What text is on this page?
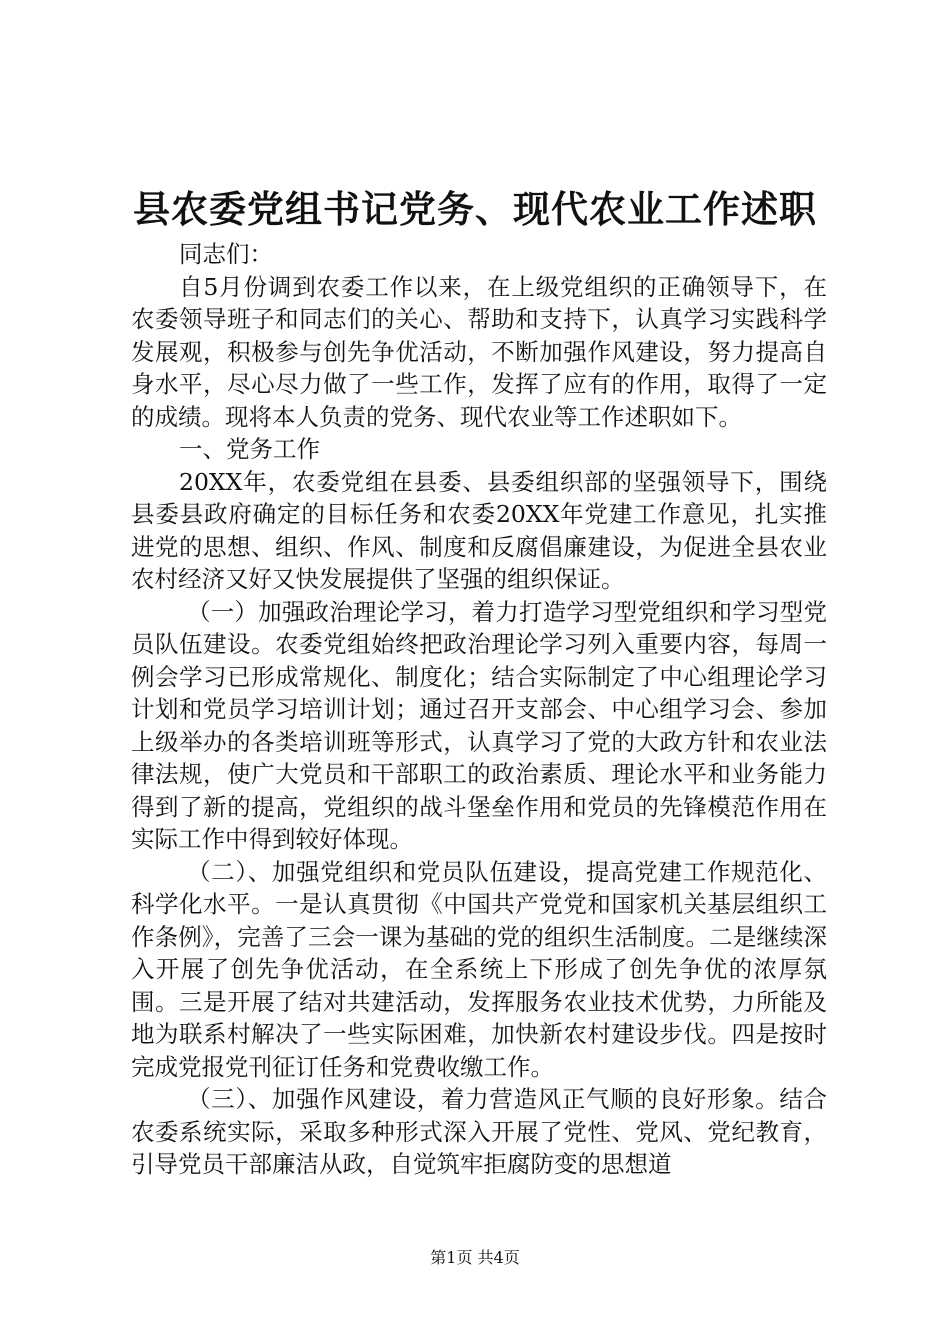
县农委党组书记党务、现代农业工作述职

同志们：

自5月份调到农委工作以来，在上级党组织的正确领导下，在农委领导班子和同志们的关心、帮助和支持下，认真学习实践科学发展观，积极参与创先争优活动，不断加强作风建设，努力提高自身水平，尽心尽力做了一些工作，发挥了应有的作用，取得了一定的成绩。现将本人负责的党务、现代农业等工作述职如下。

一、党务工作

20XX年，农委党组在县委、县委组织部的坚强领导下，围绕县委县政府确定的目标任务和农委20XX年党建工作意见，扎实推进党的思想、组织、作风、制度和反腐倡廉建设，为促进全县农业农村经济又好又快发展提供了坚强的组织保证。

（一）加强政治理论学习，着力打造学习型党组织和学习型党员队伍建设。农委党组始终把政治理论学习列入重要内容，每周一例会学习已形成常规化、制度化；结合实际制定了中心组理论学习计划和党员学习培训计划；通过召开支部会、中心组学习会、参加上级举办的各类培训班等形式，认真学习了党的大政方针和农业法律法规，使广大党员和干部职工的政治素质、理论水平和业务能力得到了新的提高，党组织的战斗堡垒作用和党员的先锋模范作用在实际工作中得到较好体现。

（二）、加强党组织和党员队伍建设，提高党建工作规范化、科学化水平。一是认真贯彻《中国共产党党和国家机关基层组织工作条例》，完善了三会一课为基础的党的组织生活制度。二是继续深入开展了创先争优活动，在全系统上下形成了创先争优的浓厚氛围。三是开展了结对共建活动，发挥服务农业技术优势，力所能及地为联系村解决了一些实际困难，加快新农村建设步伐。四是按时完成党报党刊征订任务和党费收缴工作。

（三）、加强作风建设，着力营造风正气顺的良好形象。结合农委系统实际，采取多种形式深入开展了党性、党风、党纪教育，引导党员干部廉洁从政，自觉筑牢拒腐防变的思想道

第1页 共4页
